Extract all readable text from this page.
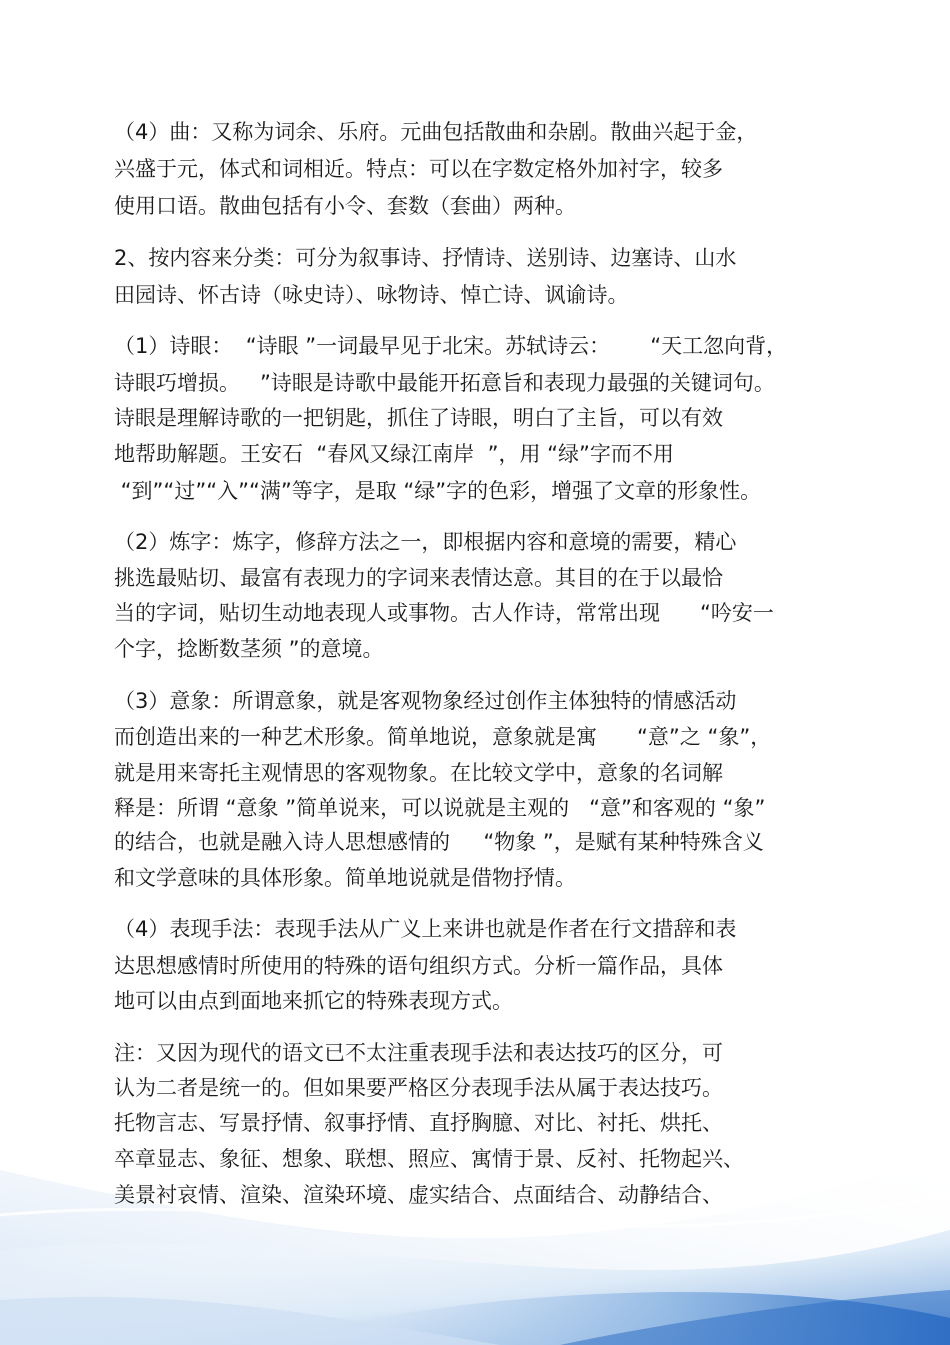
（4）曲：又称为词余、乐府。元曲包括散曲和杂剧。散曲兴起于金，
兴盛于元，体式和词相近。特点：可以在字数定格外加衬字，较多
使用口语。散曲包括有小令、套数（套曲）两种。
2、按内容来分类：可分为叙事诗、抒情诗、送别诗、边塞诗、山水
田园诗、怀古诗（咏史诗）、咏物诗、悼亡诗、讽谕诗。
（1）诗眼：  “诗眼 ”一词最早见于北宋。苏轼诗云：      “天工忽向背，
诗眼巧增损。   ”诗眼是诗歌中最能开拓意旨和表现力最强的关键词句。
诗眼是理解诗歌的一把钥匙，抓住了诗眼，明白了主旨，可以有效
地帮助解题。王安石  “春风又绿江南岸  ”，用 “绿”字而不用
“到”“过”“入”“满”等字，是取 “绿”字的色彩，增强了文章的形象性。
（2）炼字：炼字，修辞方法之一，即根据内容和意境的需要，精心
挑选最贴切、最富有表现力的字词来表情达意。其目的在于以最恰
当的字词，贴切生动地表现人或事物。古人作诗，常常出现      “吟安一
个字，捻断数茎须 ”的意境。
（3）意象：所谓意象，就是客观物象经过创作主体独特的情感活动
而创造出来的一种艺术形象。简单地说，意象就是寓      “意”之 “象”，
就是用来寄托主观情思的客观物象。在比较文学中，意象的名词解
释是：所谓 “意象 ”简单说来，可以说就是主观的   “意”和客观的 “象”
的结合，也就是融入诗人思想感情的     “物象 ”，是赋有某种特殊含义
和文学意味的具体形象。简单地说就是借物抒情。
（4）表现手法：表现手法从广义上来讲也就是作者在行文措辞和表
达思想感情时所使用的特殊的语句组织方式。分析一篇作品，具体
地可以由点到面地来抓它的特殊表现方式。
注：又因为现代的语文已不太注重表现手法和表达技巧的区分，可
认为二者是统一的。但如果要严格区分表现手法从属于表达技巧。
托物言志、写景抒情、叙事抒情、直抒胸臆、对比、衬托、烘托、
卒章显志、象征、想象、联想、照应、寓情于景、反衬、托物起兴、
美景衬哀情、渲染、渲染环境、虚实结合、点面结合、动静结合、
